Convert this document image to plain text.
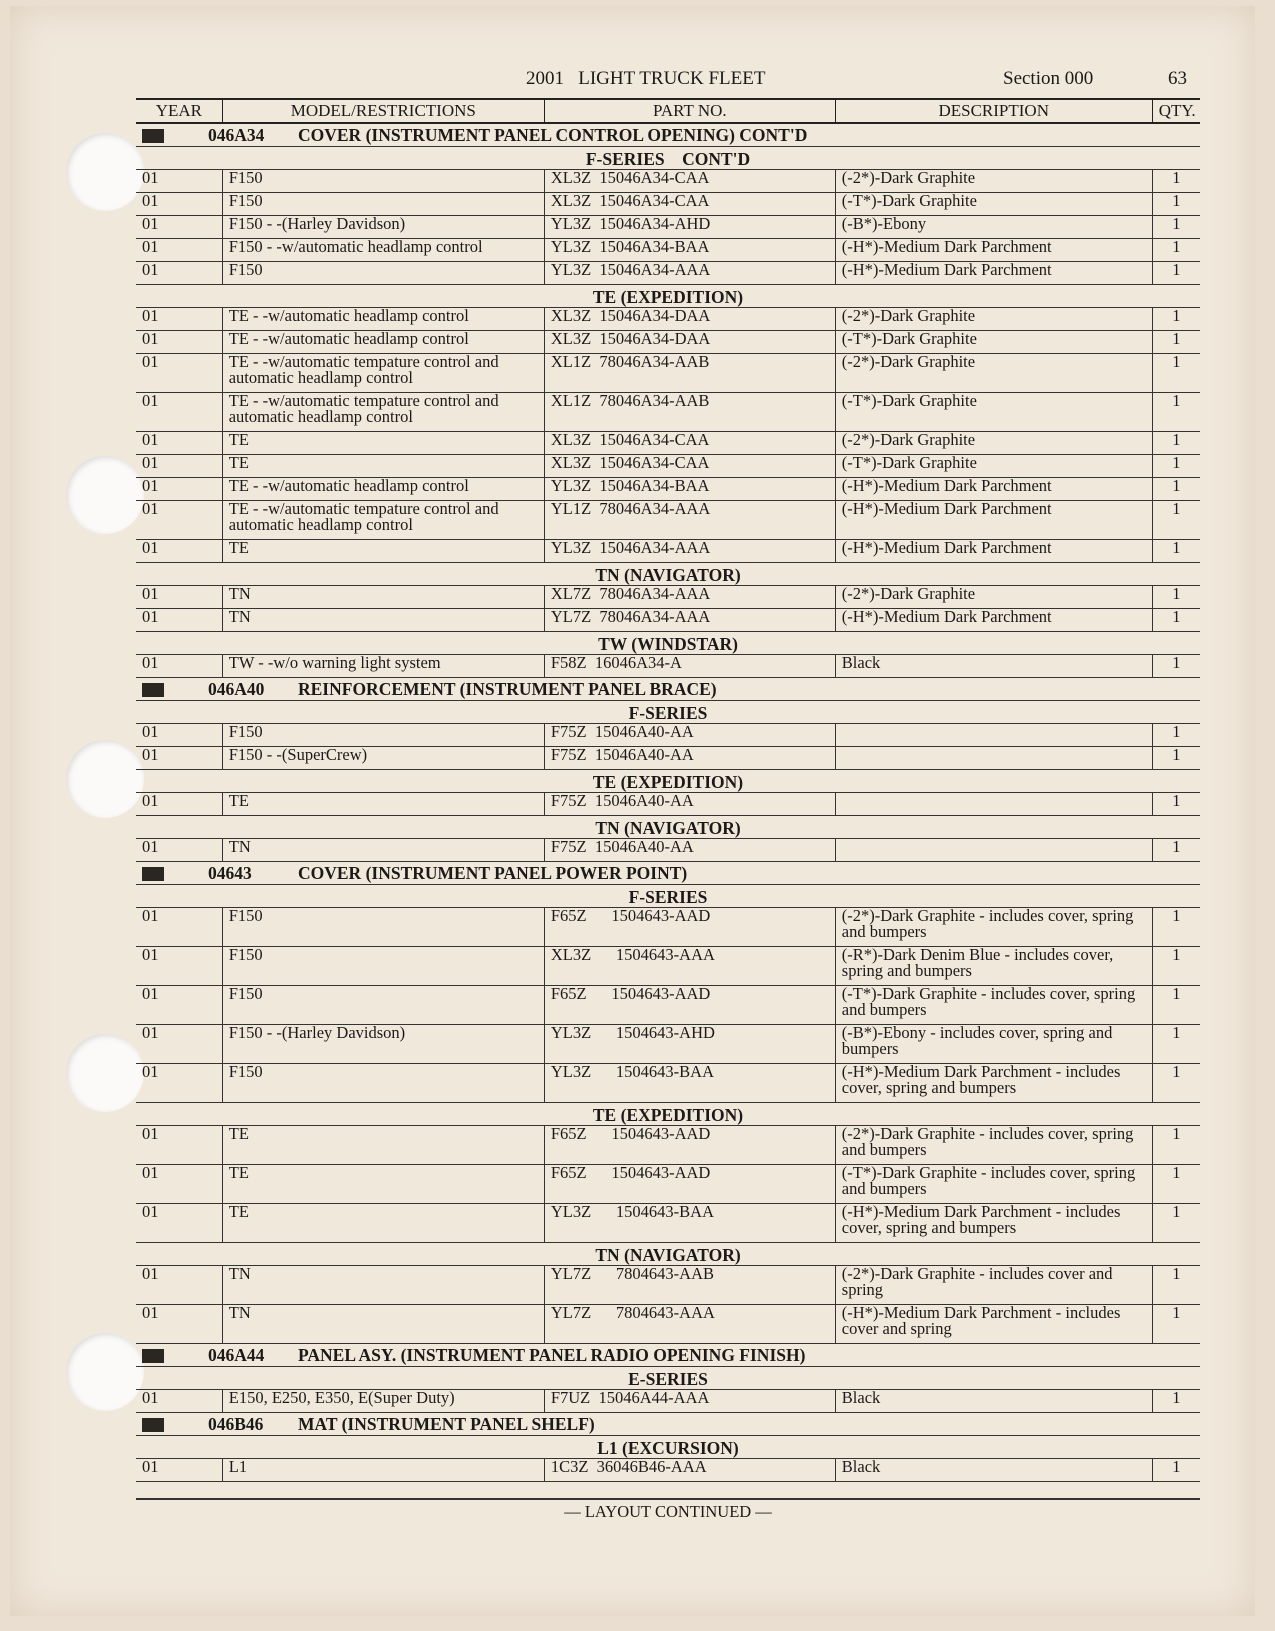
2001   LIGHT TRUCK FLEET	Section 000	63
YEAR	MODEL/RESTRICTIONS	PART NO.	DESCRIPTION	QTY.
046A34 COVER (INSTRUMENT PANEL CONTROL OPENING) CONT'D				
F-SERIES    CONT'D				
01	F150	XL3Z  15046A34-CAA	(-2*)-Dark Graphite	1
01	F150	XL3Z  15046A34-CAA	(-T*)-Dark Graphite	1
01	F150 - -(Harley Davidson)	YL3Z  15046A34-AHD	(-B*)-Ebony	1
01	F150 - -w/automatic headlamp control	YL3Z  15046A34-BAA	(-H*)-Medium Dark Parchment	1
01	F150	YL3Z  15046A34-AAA	(-H*)-Medium Dark Parchment	1
TE (EXPEDITION)				
01	TE - -w/automatic headlamp control	XL3Z  15046A34-DAA	(-2*)-Dark Graphite	1
01	TE - -w/automatic headlamp control	XL3Z  15046A34-DAA	(-T*)-Dark Graphite	1
01	TE - -w/automatic tempature control and automatic headlamp control	XL1Z  78046A34-AAB	(-2*)-Dark Graphite	1
01	TE - -w/automatic tempature control and automatic headlamp control	XL1Z  78046A34-AAB	(-T*)-Dark Graphite	1
01	TE	XL3Z  15046A34-CAA	(-2*)-Dark Graphite	1
01	TE	XL3Z  15046A34-CAA	(-T*)-Dark Graphite	1
01	TE - -w/automatic headlamp control	YL3Z  15046A34-BAA	(-H*)-Medium Dark Parchment	1
01	TE - -w/automatic tempature control and automatic headlamp control	YL1Z  78046A34-AAA	(-H*)-Medium Dark Parchment	1
01	TE	YL3Z  15046A34-AAA	(-H*)-Medium Dark Parchment	1
TN (NAVIGATOR)				
01	TN	XL7Z  78046A34-AAA	(-2*)-Dark Graphite	1
01	TN	YL7Z  78046A34-AAA	(-H*)-Medium Dark Parchment	1
TW (WINDSTAR)				
01	TW - -w/o warning light system	F58Z  16046A34-A	Black	1
046A40 REINFORCEMENT (INSTRUMENT PANEL BRACE)				
F-SERIES				
01	F150	F75Z  15046A40-AA		1
01	F150 - -(SuperCrew)	F75Z  15046A40-AA		1
TE (EXPEDITION)				
01	TE	F75Z  15046A40-AA		1
TN (NAVIGATOR)				
01	TN	F75Z  15046A40-AA		1
04643 COVER (INSTRUMENT PANEL POWER POINT)				
F-SERIES				
01	F150	F65Z      1504643-AAD	(-2*)-Dark Graphite - includes cover, spring and bumpers	1
01	F150	XL3Z      1504643-AAA	(-R*)-Dark Denim Blue - includes cover, spring and bumpers	1
01	F150	F65Z      1504643-AAD	(-T*)-Dark Graphite - includes cover, spring and bumpers	1
01	F150 - -(Harley Davidson)	YL3Z      1504643-AHD	(-B*)-Ebony - includes cover, spring and bumpers	1
01	F150	YL3Z      1504643-BAA	(-H*)-Medium Dark Parchment - includes cover, spring and bumpers	1
TE (EXPEDITION)				
01	TE	F65Z      1504643-AAD	(-2*)-Dark Graphite - includes cover, spring and bumpers	1
01	TE	F65Z      1504643-AAD	(-T*)-Dark Graphite - includes cover, spring and bumpers	1
01	TE	YL3Z      1504643-BAA	(-H*)-Medium Dark Parchment - includes cover, spring and bumpers	1
TN (NAVIGATOR)				
01	TN	YL7Z      7804643-AAB	(-2*)-Dark Graphite - includes cover and spring	1
01	TN	YL7Z      7804643-AAA	(-H*)-Medium Dark Parchment - includes cover and spring	1
046A44 PANEL ASY. (INSTRUMENT PANEL RADIO OPENING FINISH)				
E-SERIES				
01	E150, E250, E350, E(Super Duty)	F7UZ  15046A44-AAA	Black	1
046B46 MAT (INSTRUMENT PANEL SHELF)				
L1 (EXCURSION)				
01	L1	1C3Z  36046B46-AAA	Black	1
— LAYOUT CONTINUED —
